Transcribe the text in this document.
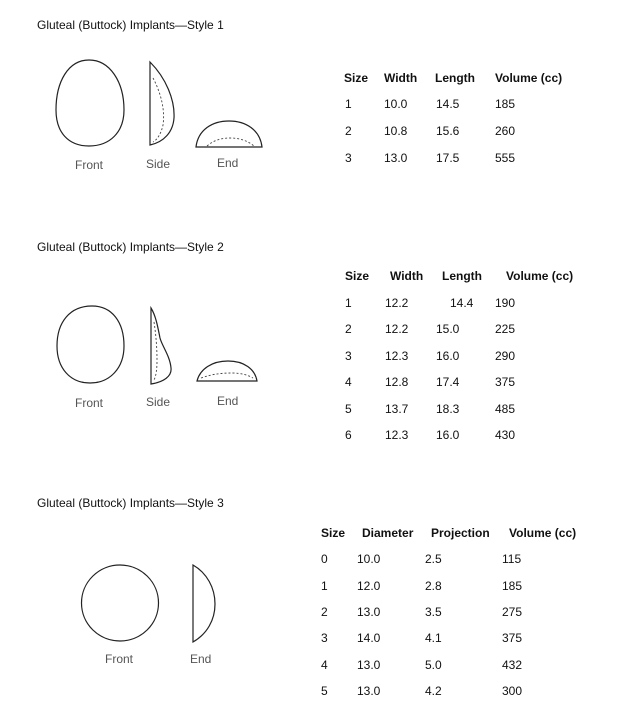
Gluteal (Buttock) Implants—Style 1
Front	Side	End
Size Width Length Volume (cc)
1	10.0 14.5	185
2	10.8 15.6	260
3	13.0 17.5	555
Gluteal (Buttock) Implants—Style 2
Front	Side	End
Size Width Length Volume (cc)
1	12.2	14.4 190
2	12.2 15.0	225
3	12.3 16.0	290
4	12.8 17.4	375
5	13.7 18.3	485
6	12.3 16.0	430
Gluteal (Buttock) Implants—Style 3
Front	End
Size Diameter Projection Volume (cc)
0 10.0	2.5	115
1 12.0	2.8	185
2 13.0	3.5	275
3 14.0	4.1	375
4 13.0	5.0	432
5 13.0	4.2	300
